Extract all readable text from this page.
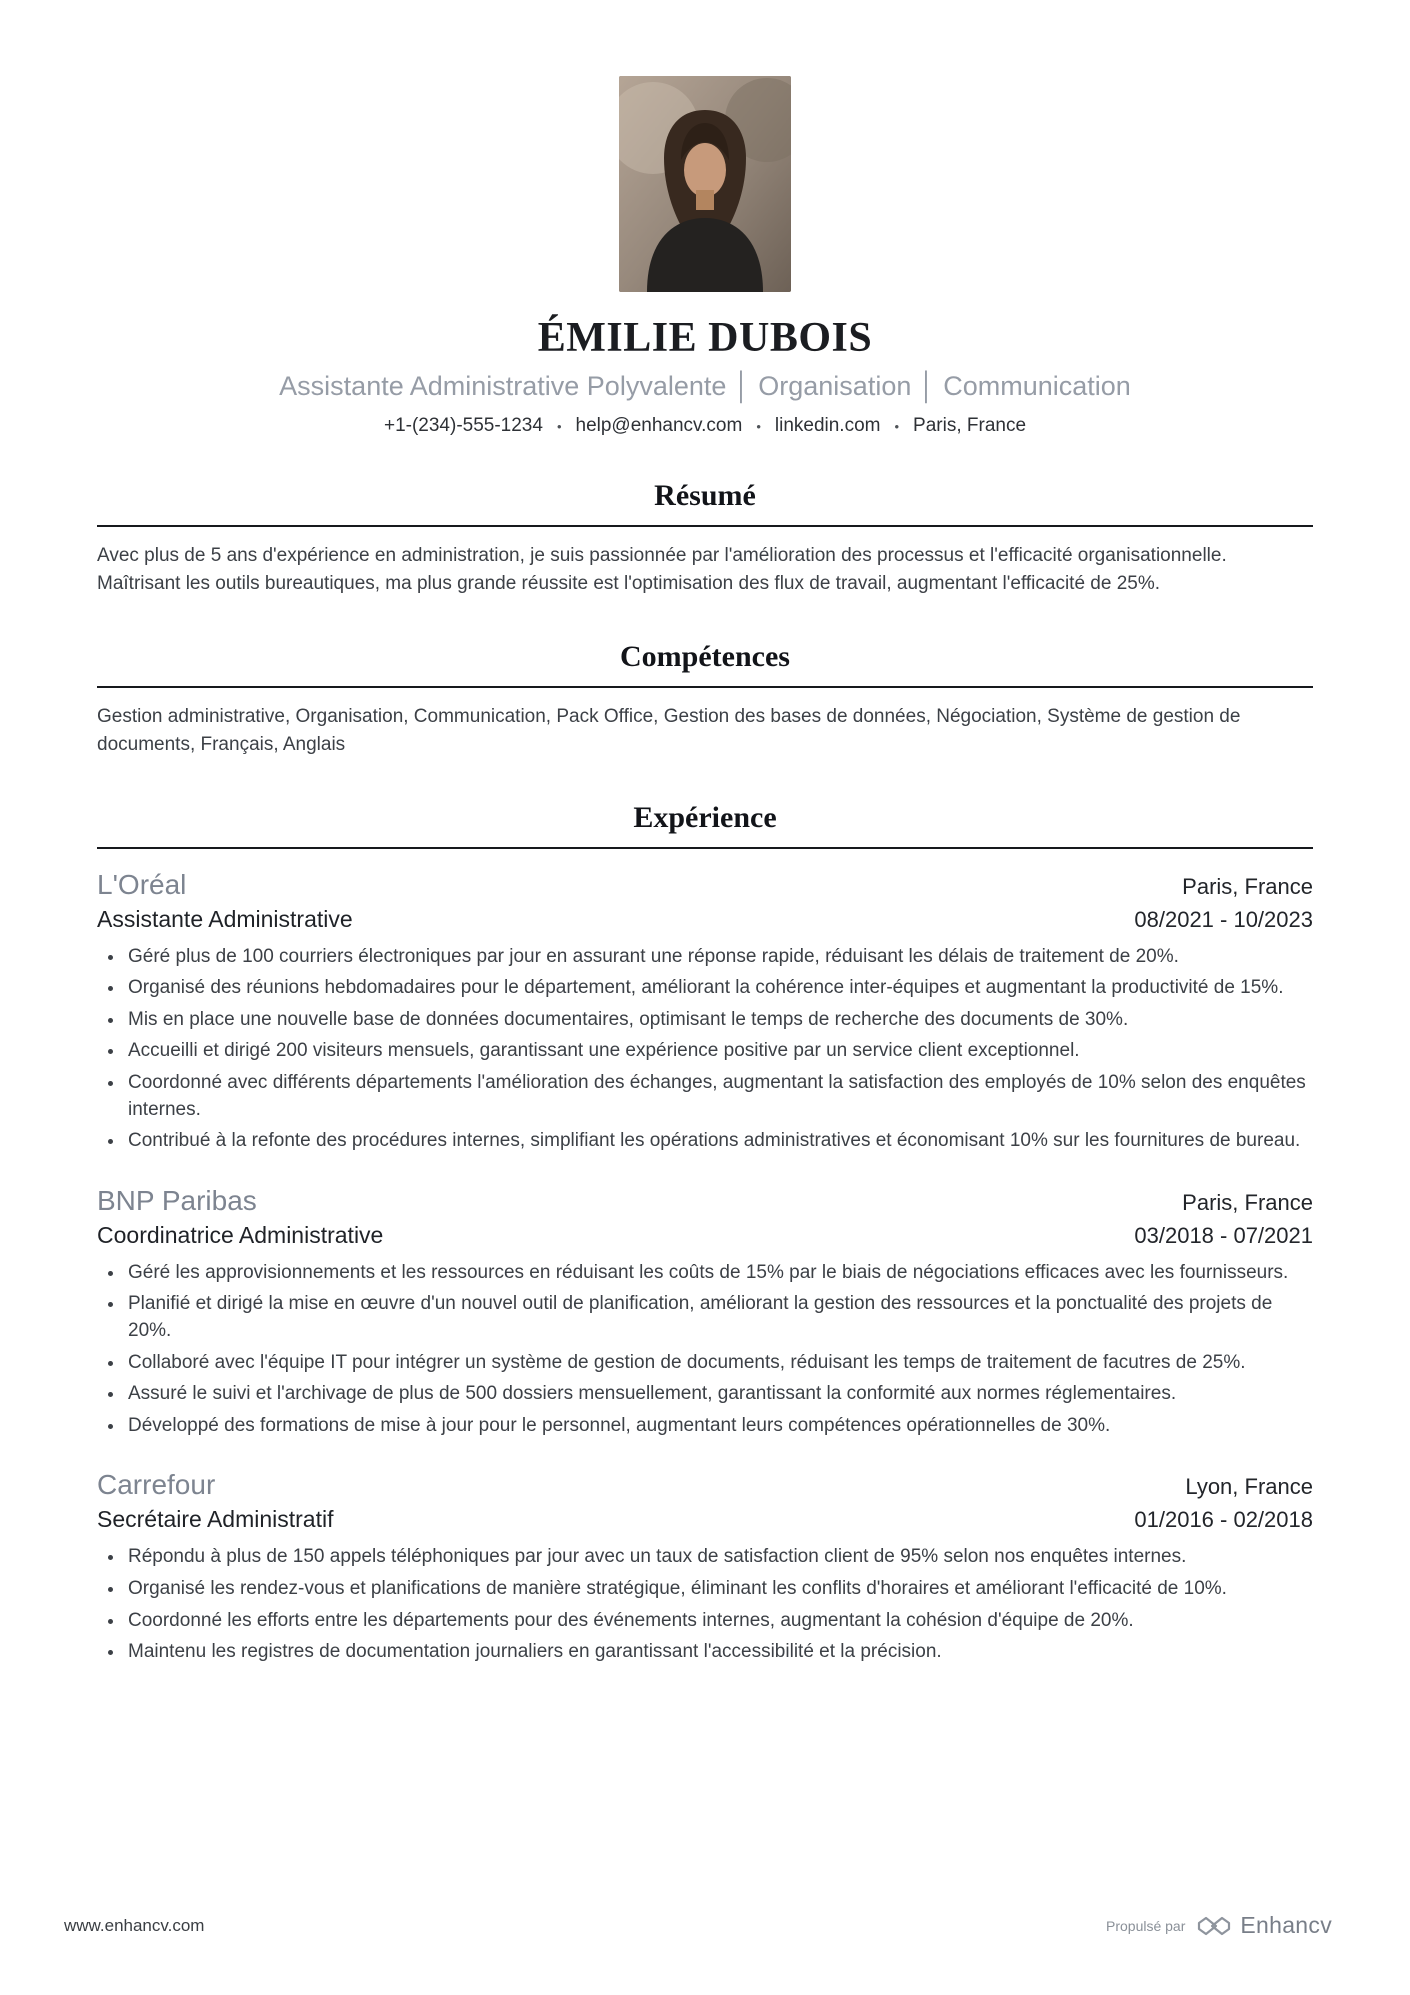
ÉMILIE DUBOIS
Assistante Administrative Polyvalente │ Organisation │ Communication
+1-(234)-555-1234 • help@enhancv.com • linkedin.com • Paris, France
Résumé

Avec plus de 5 ans d'expérience en administration, je suis passionnée par l'amélioration des processus et l'efficacité organisationnelle. Maîtrisant les outils bureautiques, ma plus grande réussite est l'optimisation des flux de travail, augmentant l'efficacité de 25%.

Compétences

Gestion administrative, Organisation, Communication, Pack Office, Gestion des bases de données, Négociation, Système de gestion de documents, Français, Anglais

Expérience
L'Oréal	Paris, France
Assistante Administrative	08/2021 - 10/2023
• Géré plus de 100 courriers électroniques par jour en assurant une réponse rapide, réduisant les délais de traitement de 20%.
• Organisé des réunions hebdomadaires pour le département, améliorant la cohérence inter-équipes et augmentant la productivité de 15%.
• Mis en place une nouvelle base de données documentaires, optimisant le temps de recherche des documents de 30%.
• Accueilli et dirigé 200 visiteurs mensuels, garantissant une expérience positive par un service client exceptionnel.
• Coordonné avec différents départements l'amélioration des échanges, augmentant la satisfaction des employés de 10% selon des enquêtes internes.
• Contribué à la refonte des procédures internes, simplifiant les opérations administratives et économisant 10% sur les fournitures de bureau.
BNP Paribas	Paris, France
Coordinatrice Administrative	03/2018 - 07/2021
• Géré les approvisionnements et les ressources en réduisant les coûts de 15% par le biais de négociations efficaces avec les fournisseurs.
• Planifié et dirigé la mise en œuvre d'un nouvel outil de planification, améliorant la gestion des ressources et la ponctualité des projets de 20%.
• Collaboré avec l'équipe IT pour intégrer un système de gestion de documents, réduisant les temps de traitement de facutres de 25%.
• Assuré le suivi et l'archivage de plus de 500 dossiers mensuellement, garantissant la conformité aux normes réglementaires.
• Développé des formations de mise à jour pour le personnel, augmentant leurs compétences opérationnelles de 30%.
Carrefour	Lyon, France
Secrétaire Administratif	01/2016 - 02/2018
• Répondu à plus de 150 appels téléphoniques par jour avec un taux de satisfaction client de 95% selon nos enquêtes internes.
• Organisé les rendez-vous et planifications de manière stratégique, éliminant les conflits d'horaires et améliorant l'efficacité de 10%.
• Coordonné les efforts entre les départements pour des événements internes, augmentant la cohésion d'équipe de 20%.
• Maintenu les registres de documentation journaliers en garantissant l'accessibilité et la précision.
www.enhancv.com	Propulsé par Enhancv
